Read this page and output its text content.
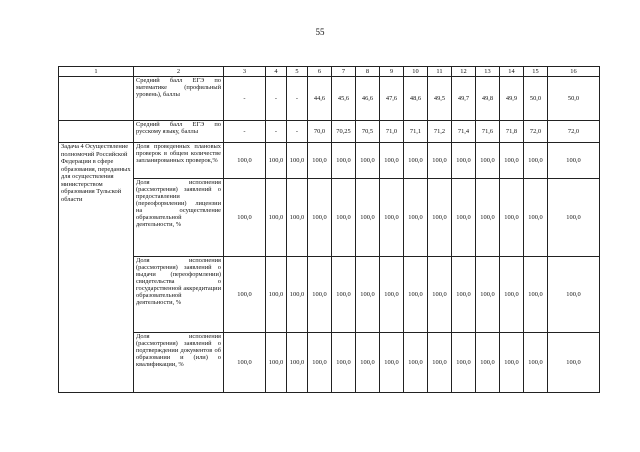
55
1	2	3	4	5	6	7	8	9	10	11	12	13	14	15	16
	Средний балл ЕГЭ по математике (профильный уровень), баллы	-	-	-	44,6	45,6	46,6	47,6	48,6	49,5	49,7	49,8	49,9	50,0	50,0
	Средний балл ЕГЭ по русскому языку, баллы	-	-	-	70,0	70,25	70,5	71,0	71,1	71,2	71,4	71,6	71,8	72,0	72,0
Задача 4 Осуществление полномочий Российской Федерации в сфере образования, переданных для осуществления министерством образования Тульской области	Доля проведенных плановых проверок в общем количестве запланированных проверок,%	100,0	100,0	100,0	100,0	100,0	100,0	100,0	100,0	100,0	100,0	100,0	100,0	100,0	100,0
	Доля исполнения (рассмотрения) заявлений о предоставлении (переоформлении) лицензии на осуществление образовательной деятельности, %	100,0	100,0	100,0	100,0	100,0	100,0	100,0	100,0	100,0	100,0	100,0	100,0	100,0	100,0
	Доля исполнения (рассмотрения) заявлений о выдачи (переоформлении) свидетельства о государственной аккредитации образовательной деятельности, %	100,0	100,0	100,0	100,0	100,0	100,0	100,0	100,0	100,0	100,0	100,0	100,0	100,0	100,0
	Доля исполнения (рассмотрения) заявлений о подтверждении документов об образовании и (или) о квалификации, %	100,0	100,0	100,0	100,0	100,0	100,0	100,0	100,0	100,0	100,0	100,0	100,0	100,0	100,0
